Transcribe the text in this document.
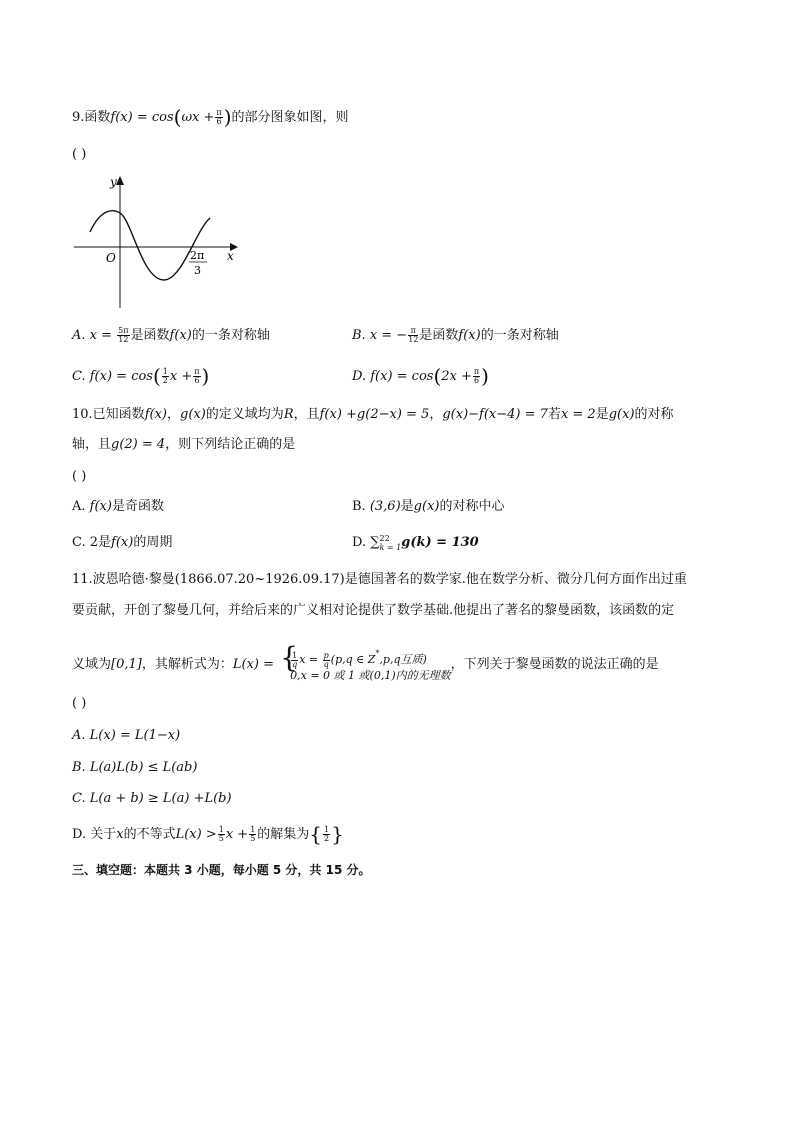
9.函数$f(x) = \cos(\omega x + \frac{\pi}{6}$ )的部分图象如图，则
( )
y
x
O	2π
3
A. $x = \frac{5\pi}{12}$ 是函数f(x)的一条对称轴	B. x = − $\frac{\pi}{12}$ 是函数f(x)的一条对称轴
C. $f(x) = \cos( \frac{1}{2}$ $x + \frac{\pi}{6}$ )	D. $f(x) = \cos(2x + \frac{\pi}{6}$ )
10.已知函数f(x)，g(x)的定义域均为R，且f(x) +g(2−x) = 5，g(x)−f(x−4) = 7若x = 2是g(x)的对称
轴，且g(2) = 4，则下列结论正确的是
( )
A. f(x)是奇函数	B. (3,6)是g(x)的对称中心
C. 2是f(x)的周期	D. ∑ 22
k = 1 g(k) = 130
11.波恩哈德·黎曼(1866.07.20~1926.09.17)是德国著名的数学家.他在数学分析、微分几何方面作出过重
要贡献，开创了黎曼几何，并给后来的广义相对论提供了数学基础.他提出了著名的黎曼函数，该函数的定
义域为[0,1]，其解析式为：L(x) =
{ $\frac{1}{q}$ $x = \frac{p}{q} (p,q$ ∈ Z*,p,q互质)
0,x = 0 或 1 或(0,1)内的无理数
，下列关于黎曼函数的说法正确的是
( )
A. L(x) = L(1−x)
B. L(a)L(b) ≤ L(ab)
C. L(a + b) ≥ L(a) +L(b)
D. 关于x的不等式$L(x) > \frac{1}{5}$ $x + \frac{1}{5}$ 的解集为{ $\frac{1}{2}$ }
三、填空题：本题共 3 小题，每小题 5 分，共 15 分。
